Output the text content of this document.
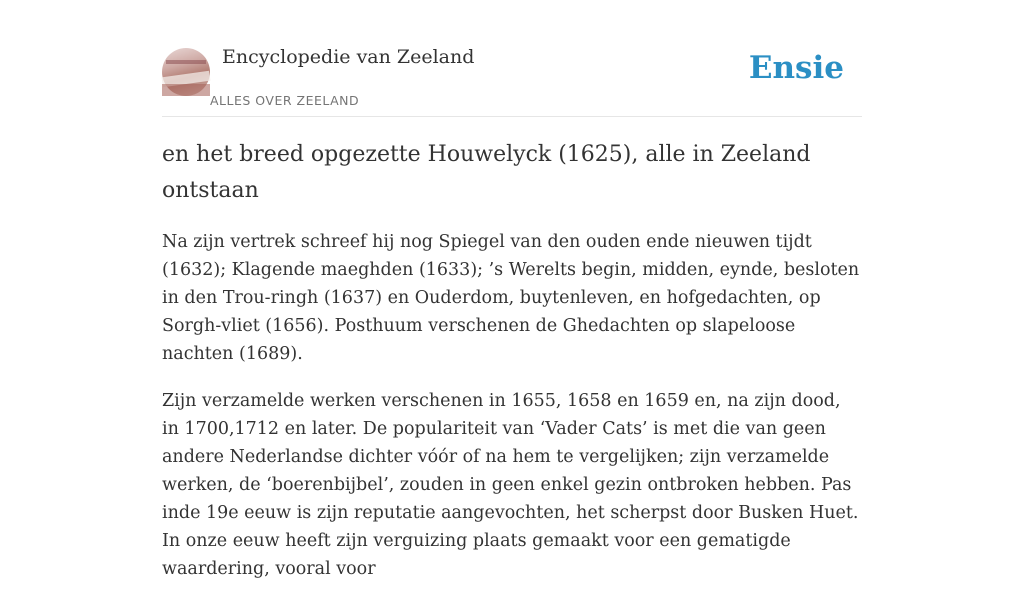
Encyclopedie van Zeeland
ALLES OVER ZEELAND
Ensie
en het breed opgezette Houwelyck (1625), alle in Zeeland ontstaan

Na zijn vertrek schreef hij nog Spiegel van den ouden ende nieuwen tijdt (1632); Klagende maeghden (1633); ’s Werelts begin, midden, eynde, besloten in den Trou-ringh (1637) en Ouderdom, buytenleven, en hofgedachten, op Sorgh-vliet (1656). Posthuum verschenen de Ghedachten op slapeloose nachten (1689).

Zijn verzamelde werken verschenen in 1655, 1658 en 1659 en, na zijn dood, in 1700,1712 en later. De populariteit van ‘Vader Cats’ is met die van geen andere Nederlandse dichter vóór of na hem te vergelijken; zijn verzamelde werken, de ‘boerenbijbel’, zouden in geen enkel gezin ontbroken hebben. Pas inde 19e eeuw is zijn reputatie aangevochten, het scherpst door Busken Huet. In onze eeuw heeft zijn verguizing plaats gemaakt voor een gematigde waardering, vooral voor
